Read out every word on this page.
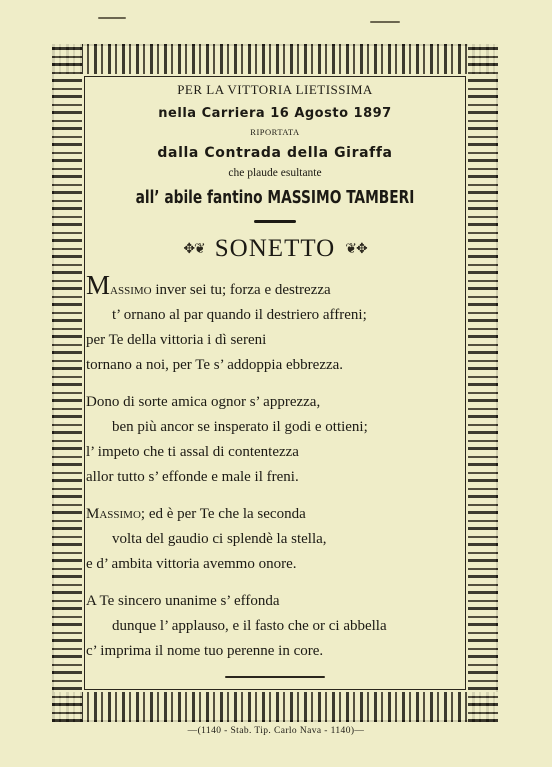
PER LA VITTORIA LIETISSIMA
nella Carriera 16 Agosto 1897
RIPORTATA
dalla Contrada della Giraffa
che plaude esultante
all’ abile fantino MASSIMO TAMBERI
✥❦ SONETTO ❦✥
Massimo inver sei tu; forza e destrezza
t’ ornano al par quando il destriero affreni;
per Te della vittoria i dì sereni
tornano a noi, per Te s’ addoppia ebbrezza.
Dono di sorte amica ognor s’ apprezza,
ben più ancor se insperato il godi e ottieni;
l’ impeto che ti assal di contentezza
allor tutto s’ effonde e male il freni.
Massimo; ed è per Te che la seconda
volta del gaudio ci splendè la stella,
e d’ ambita vittoria avemmo onore.
A Te sincero unanime s’ effonda
dunque l’ applauso, e il fasto che or ci abbella
c’ imprima il nome tuo perenne in core.
—(1140 - Stab. Tip. Carlo Nava - 1140)—
